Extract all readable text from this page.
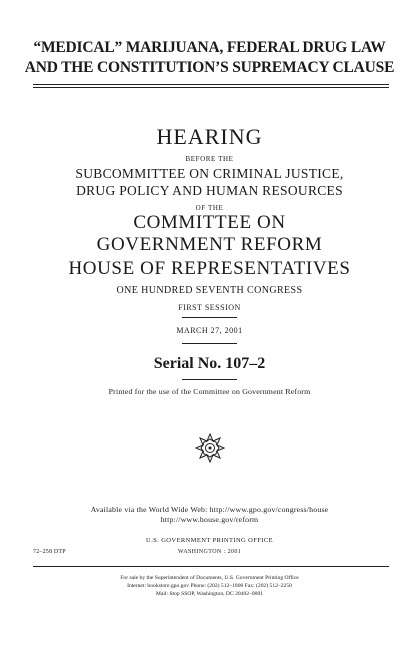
“MEDICAL” MARIJUANA, FEDERAL DRUG LAW
AND THE CONSTITUTION’S SUPREMACY CLAUSE
HEARING
BEFORE THE
SUBCOMMITTEE ON CRIMINAL JUSTICE,
DRUG POLICY AND HUMAN RESOURCES
OF THE
COMMITTEE ON
GOVERNMENT REFORM
HOUSE OF REPRESENTATIVES
ONE HUNDRED SEVENTH CONGRESS
FIRST SESSION
MARCH 27, 2001
Serial No. 107–2
Printed for the use of the Committee on Government Reform
Available via the World Wide Web: http://www.gpo.gov/congress/house
http://www.house.gov/reform
U.S. GOVERNMENT PRINTING OFFICE
72–258 DTP	WASHINGTON : 2001
For sale by the Superintendent of Documents, U.S. Government Printing Office
Internet: bookstore.gpo.gov Phone: (202) 512–1800 Fax: (202) 512–2250
Mail: Stop SSOP, Washington, DC 20402–0001
